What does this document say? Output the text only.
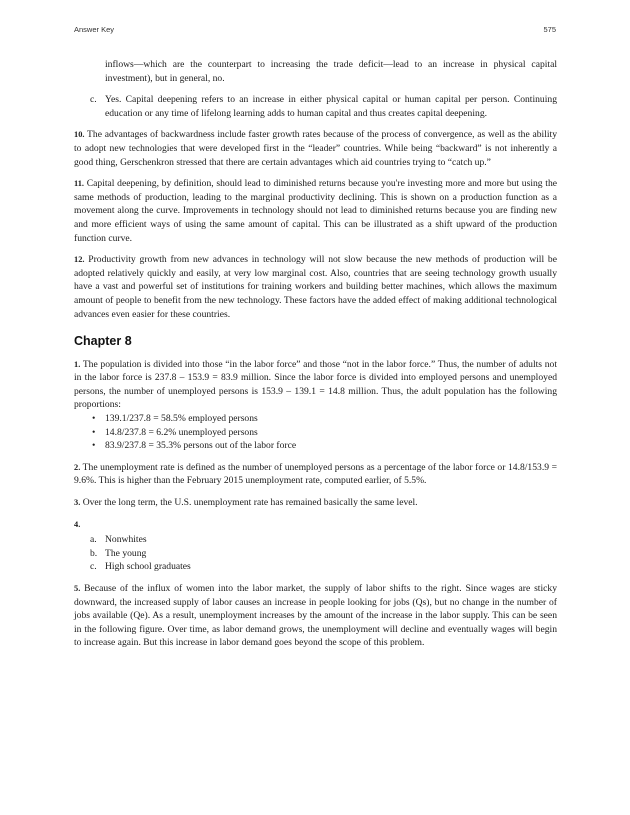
Answer Key	575

inflows—which are the counterpart to increasing the trade deficit—lead to an increase in physical capital investment), but in general, no.

c. Yes. Capital deepening refers to an increase in either physical capital or human capital per person. Continuing education or any time of lifelong learning adds to human capital and thus creates capital deepening.

10. The advantages of backwardness include faster growth rates because of the process of convergence, as well as the ability to adopt new technologies that were developed first in the “leader” countries. While being “backward” is not inherently a good thing, Gerschenkron stressed that there are certain advantages which aid countries trying to “catch up.”

11. Capital deepening, by definition, should lead to diminished returns because you're investing more and more but using the same methods of production, leading to the marginal productivity declining. This is shown on a production function as a movement along the curve. Improvements in technology should not lead to diminished returns because you are finding new and more efficient ways of using the same amount of capital. This can be illustrated as a shift upward of the production function curve.

12. Productivity growth from new advances in technology will not slow because the new methods of production will be adopted relatively quickly and easily, at very low marginal cost. Also, countries that are seeing technology growth usually have a vast and powerful set of institutions for training workers and building better machines, which allows the maximum amount of people to benefit from the new technology. These factors have the added effect of making additional technological advances even easier for these countries.

Chapter 8

1. The population is divided into those “in the labor force” and those “not in the labor force.” Thus, the number of adults not in the labor force is 237.8 – 153.9 = 83.9 million. Since the labor force is divided into employed persons and unemployed persons, the number of unemployed persons is 153.9 – 139.1 = 14.8 million. Thus, the adult population has the following proportions:

• 139.1/237.8 = 58.5% employed persons
• 14.8/237.8 = 6.2% unemployed persons
• 83.9/237.8 = 35.3% persons out of the labor force

2. The unemployment rate is defined as the number of unemployed persons as a percentage of the labor force or 14.8/153.9 = 9.6%. This is higher than the February 2015 unemployment rate, computed earlier, of 5.5%.

3. Over the long term, the U.S. unemployment rate has remained basically the same level.

4.

a. Nonwhites
b. The young
c. High school graduates

5. Because of the influx of women into the labor market, the supply of labor shifts to the right. Since wages are sticky downward, the increased supply of labor causes an increase in people looking for jobs (Qs), but no change in the number of jobs available (Qe). As a result, unemployment increases by the amount of the increase in the labor supply. This can be seen in the following figure. Over time, as labor demand grows, the unemployment will decline and eventually wages will begin to increase again. But this increase in labor demand goes beyond the scope of this problem.
